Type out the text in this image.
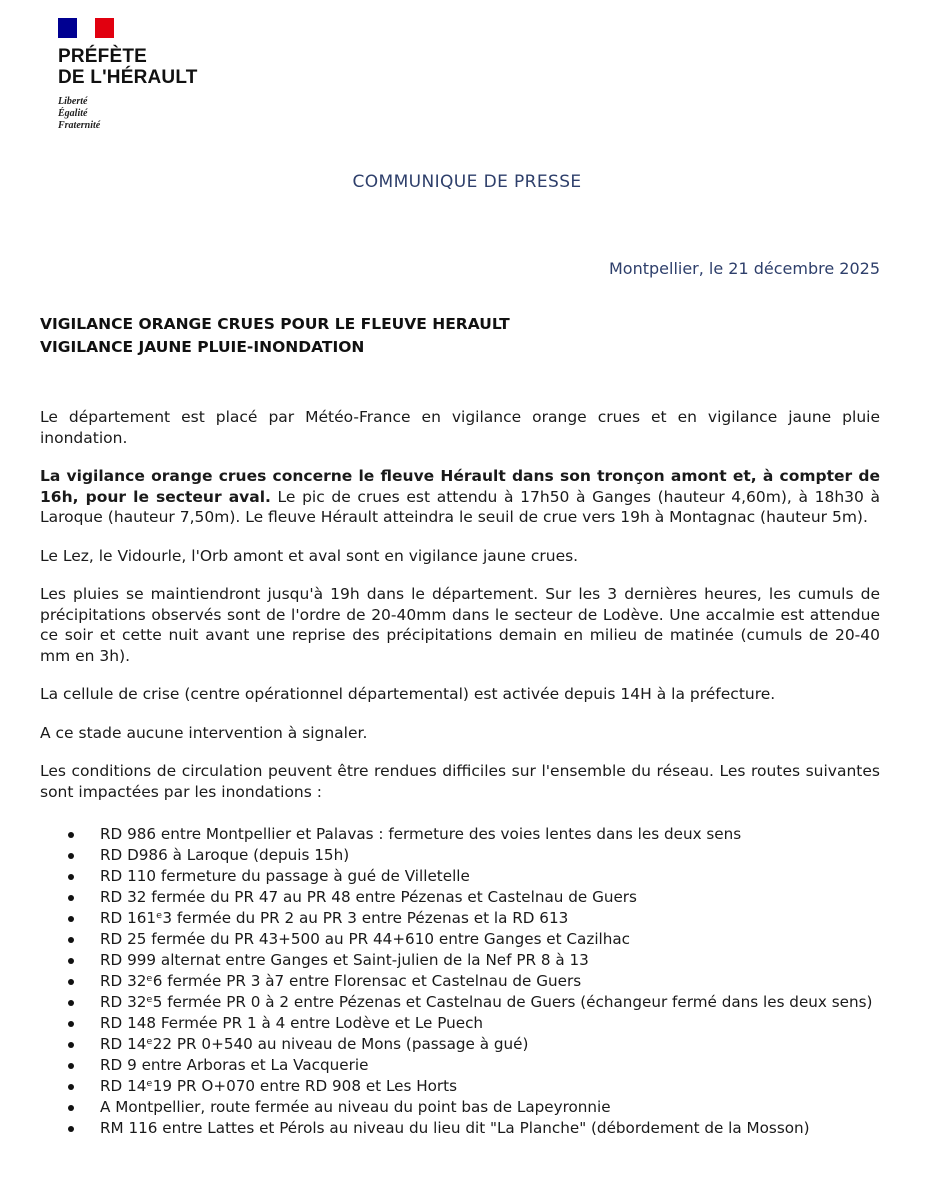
PRÉFÈTE
DE L'HÉRAULT
Liberté
Égalité
Fraternité
COMMUNIQUE DE PRESSE
Montpellier, le 21 décembre 2025
VIGILANCE ORANGE CRUES POUR LE FLEUVE HERAULT
VIGILANCE JAUNE PLUIE-INONDATION

Le département est placé par Météo-France en vigilance orange crues et en vigilance jaune pluie inondation.

La vigilance orange crues concerne le fleuve Hérault dans son tronçon amont et, à compter de 16h, pour le secteur aval. Le pic de crues est attendu à 17h50 à Ganges (hauteur 4,60m), à 18h30 à Laroque (hauteur 7,50m). Le fleuve Hérault atteindra le seuil de crue vers 19h à Montagnac (hauteur 5m).

Le Lez, le Vidourle, l'Orb amont et aval sont en vigilance jaune crues.

Les pluies se maintiendront jusqu'à 19h dans le département. Sur les 3 dernières heures, les cumuls de précipitations observés sont de l'ordre de 20-40mm dans le secteur de Lodève. Une accalmie est attendue ce soir et cette nuit avant une reprise des précipitations demain en milieu de matinée (cumuls de 20-40 mm en 3h).

La cellule de crise (centre opérationnel départemental) est activée depuis 14H à la préfecture.

A ce stade aucune intervention à signaler.

Les conditions de circulation peuvent être rendues difficiles sur l'ensemble du réseau. Les routes suivantes sont impactées par les inondations :

RD 986 entre Montpellier et Palavas : fermeture des voies lentes dans les deux sens
RD D986 à Laroque (depuis 15h)
RD 110 fermeture du passage à gué de Villetelle
RD 32 fermée du PR 47 au PR 48 entre Pézenas et Castelnau de Guers
RD 161ᵉ3 fermée du PR 2 au PR 3 entre Pézenas et la RD 613
RD 25 fermée du PR 43+500 au PR 44+610 entre Ganges et Cazilhac
RD 999 alternat entre Ganges et Saint-julien de la Nef PR 8 à 13
RD 32ᵉ6 fermée PR 3 à7 entre Florensac et Castelnau de Guers
RD 32ᵉ5 fermée PR 0 à 2 entre Pézenas et Castelnau de Guers (échangeur fermé dans les deux sens)
RD 148 Fermée PR 1 à 4 entre Lodève et Le Puech
RD 14ᵉ22 PR 0+540 au niveau de Mons (passage à gué)
RD 9 entre Arboras et La Vacquerie
RD 14ᵉ19 PR O+070 entre RD 908 et Les Horts
A Montpellier, route fermée au niveau du point bas de Lapeyronnie
RM 116 entre Lattes et Pérols au niveau du lieu dit "La Planche" (débordement de la Mosson)
